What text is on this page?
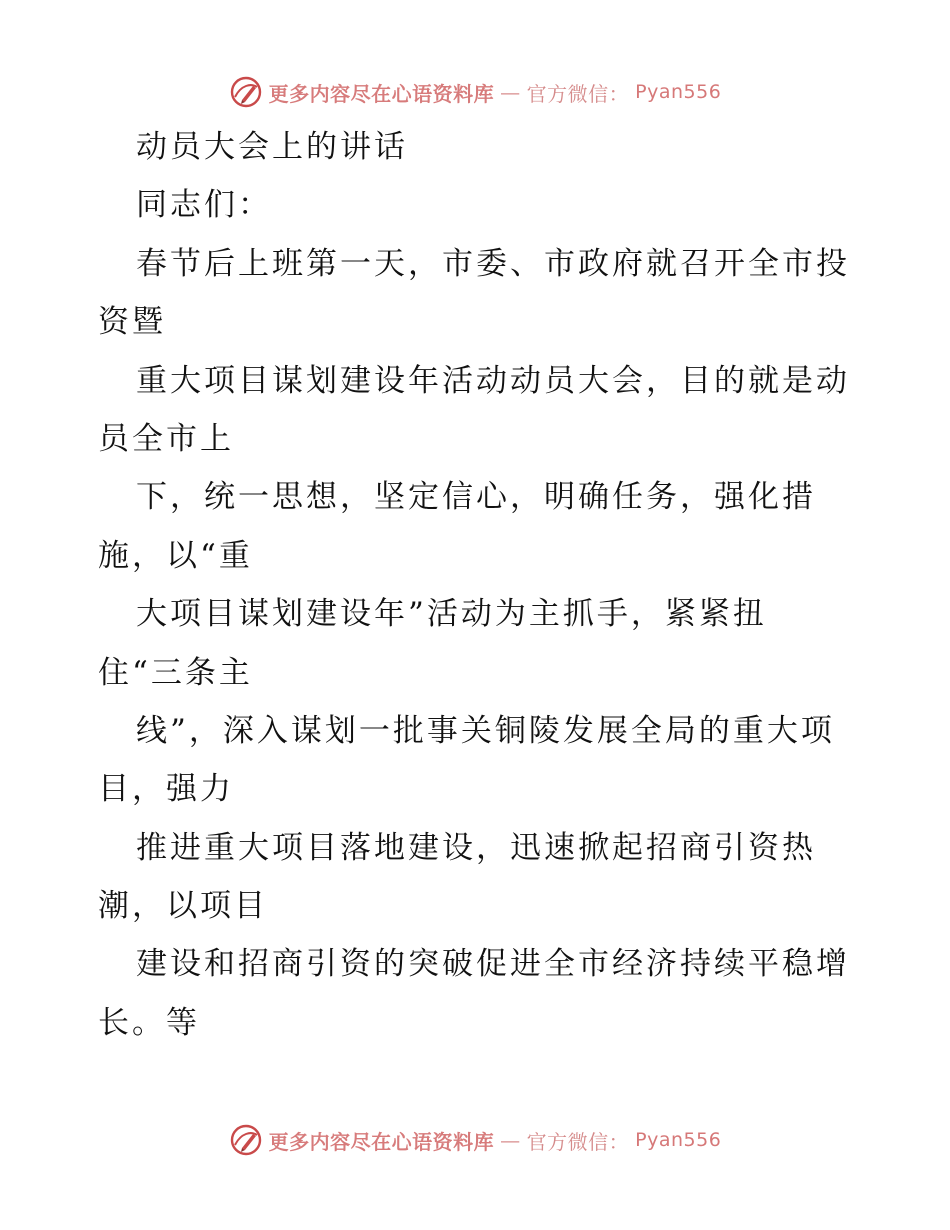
更多内容尽在心语资料库 — 官方微信： Pyan556
动员大会上的讲话
同志们：
春节后上班第一天，市委、市政府就召开全市投
资暨
重大项目谋划建设年活动动员大会，目的就是动
员全市上
下，统一思想，坚定信心，明确任务，强化措
施，以“重
大项目谋划建设年”活动为主抓手，紧紧扭
住“三条主
线”，深入谋划一批事关铜陵发展全局的重大项
目，强力
推进重大项目落地建设，迅速掀起招商引资热
潮，以项目
建设和招商引资的突破促进全市经济持续平稳增
长。等
更多内容尽在心语资料库 — 官方微信： Pyan556
